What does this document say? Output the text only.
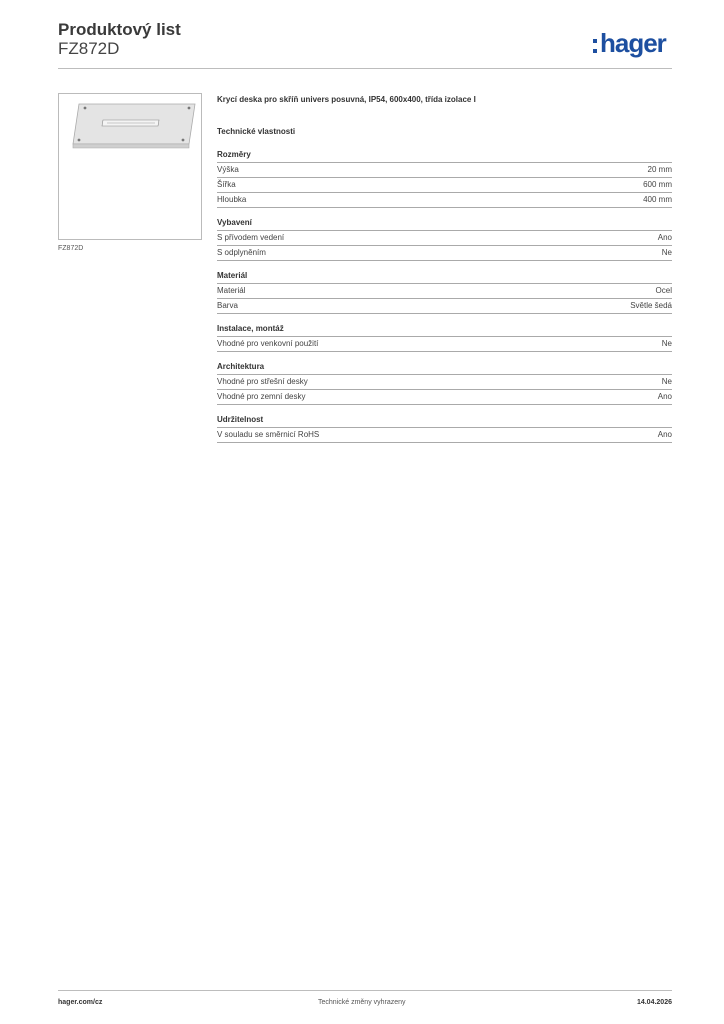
Produktový list
FZ872D	hager
FZ872D
Krycí deska pro skříň univers posuvná, IP54, 600x400, třída izolace I
Technické vlastnosti
Rozměry
Výška	20 mm
Šířka	600 mm
Hloubka	400 mm
Vybavení
S přívodem vedení	Ano
S odplyněním	Ne
Materiál
Materiál	Ocel
Barva	Světle šedá
Instalace, montáž
Vhodné pro venkovní použití	Ne
Architektura
Vhodné pro střešní desky	Ne
Vhodné pro zemní desky	Ano
Udržitelnost
V souladu se směrnicí RoHS	Ano
hager.com/cz	Technické změny vyhrazeny	14.04.2026
